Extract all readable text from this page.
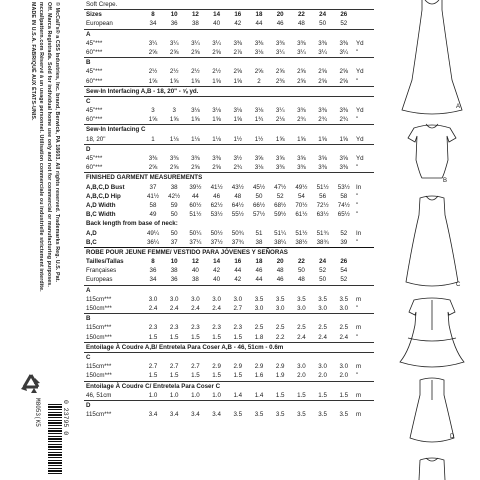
© McCall's® a CSS Industries, Inc. brand, Berwick, PA 18603. All rights reserved. Trademarks Reg. U.S. Pat.
Off. Marca Registrada. Sold for individual home use only and not for commercial or manufacturing purposes.
mccallpattern.com Réservé à un usage personnel. Utilisation commerciale ou industrielle strictement interdite.
MADE IN U.S.A. FABRIQUÉ AUX ÉTATS-UNIS.
M8053(K5	0 23795 0
Soft Crepe.
Sizes	8	10	12	14	16	18	20	22	24	26
European	34	36	38	40	42	44	46	48	50	52
A
45"***	3¼	3¼	3¼	3¼	3⅜	3⅜	3⅜	3⅜	3⅜	3⅜	Yd
60"***	2⅝	2⅝	2⅝	2⅝	2⅞	3⅛	3¼	3¼	3¼	3¼	"
B
45"***	2½	2½	2½	2½	2⅝	2⅝	2⅝	2⅝	2⅝	2⅝	Yd
60"***	1⅝	1⅝	1⅝	1⅝	1⅝	2	2⅜	2⅝	2⅝	2⅝	"
Sew-In Interfacing A,B - 18, 20" - ⅝ yd.
C
45"***	3	3	3⅛	3⅛	3⅛	3⅛	3¼	3⅜	3⅜	3⅜	Yd
60"***	1⅝	1⅝	1⅝	1⅝	1⅝	1¾	2⅛	2¾	2¾	2¾	"
Sew-In Interfacing C
18, 20"	1	1⅛	1⅛	1⅛	1½	1½	1⅝	1⅝	1⅝	1⅝	Yd
D
45"***	3⅜	3⅜	3⅜	3⅜	3½	3⅝	3⅝	3⅝	3⅝	3⅝	Yd
60"***	2⅝	2⅝	2⅝	2⅝	2¾	3⅛	3⅜	3⅜	3⅜	3⅜	"
FINISHED GARMENT MEASUREMENTS
A,B,C,D Bust	37	38	39½	41½	43½	45½	47½	49½	51½	53½ In
A,B,C,D Hip	41½	42½	44	46	48	50	52	54	56	58	"
A,D Width	58	59	60½	62½	64½	66½	68½	70½	72½	74½ "
B,C Width	49	50	51½	53½	55½	57½	59½	61½	63½	65½ "
Back length from base of neck:
A,D	49¼	50	50¼	50½	50¾	51	51¼	51½	51¾	52	In
B,C	36¼	37	37¼	37½	37¾	38	38¼	38½	38¾	39	"
ROBE POUR JEUNE FEMME/ VESTIDO PARA JÓVENES Y SEÑORAS
Tailles/Tallas	8	10	12	14	16	18	20	22	24	26
Françaises	36	38	40	42	44	46	48	50	52	54
Europeas	34	36	38	40	42	44	46	48	50	52
A
115cm***	3.0	3.0	3.0	3.0	3.0	3.5	3.5	3.5	3.5	3.5	m
150cm***	2.4	2.4	2.4	2.4	2.7	3.0	3.0	3.0	3.0	3.0	"
B
115cm***	2.3	2.3	2.3	2.3	2.3	2.5	2.5	2.5	2.5	2.5	m
150cm***	1.5	1.5	1.5	1.5	1.5	1.8	2.2	2.4	2.4	2.4	"
Entoilage À Coudre A,B/ Entretela Para Coser A,B - 46, 51cm - 0.6m
C
115cm***	2.7	2.7	2.7	2.9	2.9	2.9	2.9	3.0	3.0	3.0	m
150cm***	1.5	1.5	1.5	1.5	1.5	1.6	1.9	2.0	2.0	2.0	"
Entoilage À Coudre C/ Entretela Para Coser C
46, 51cm	1.0	1.0	1.0	1.0	1.4	1.4	1.5	1.5	1.5	1.5	m
D
115cm***	3.4	3.4	3.4	3.4	3.5	3.5	3.5	3.5	3.5	3.5	m
A
B
C
D
